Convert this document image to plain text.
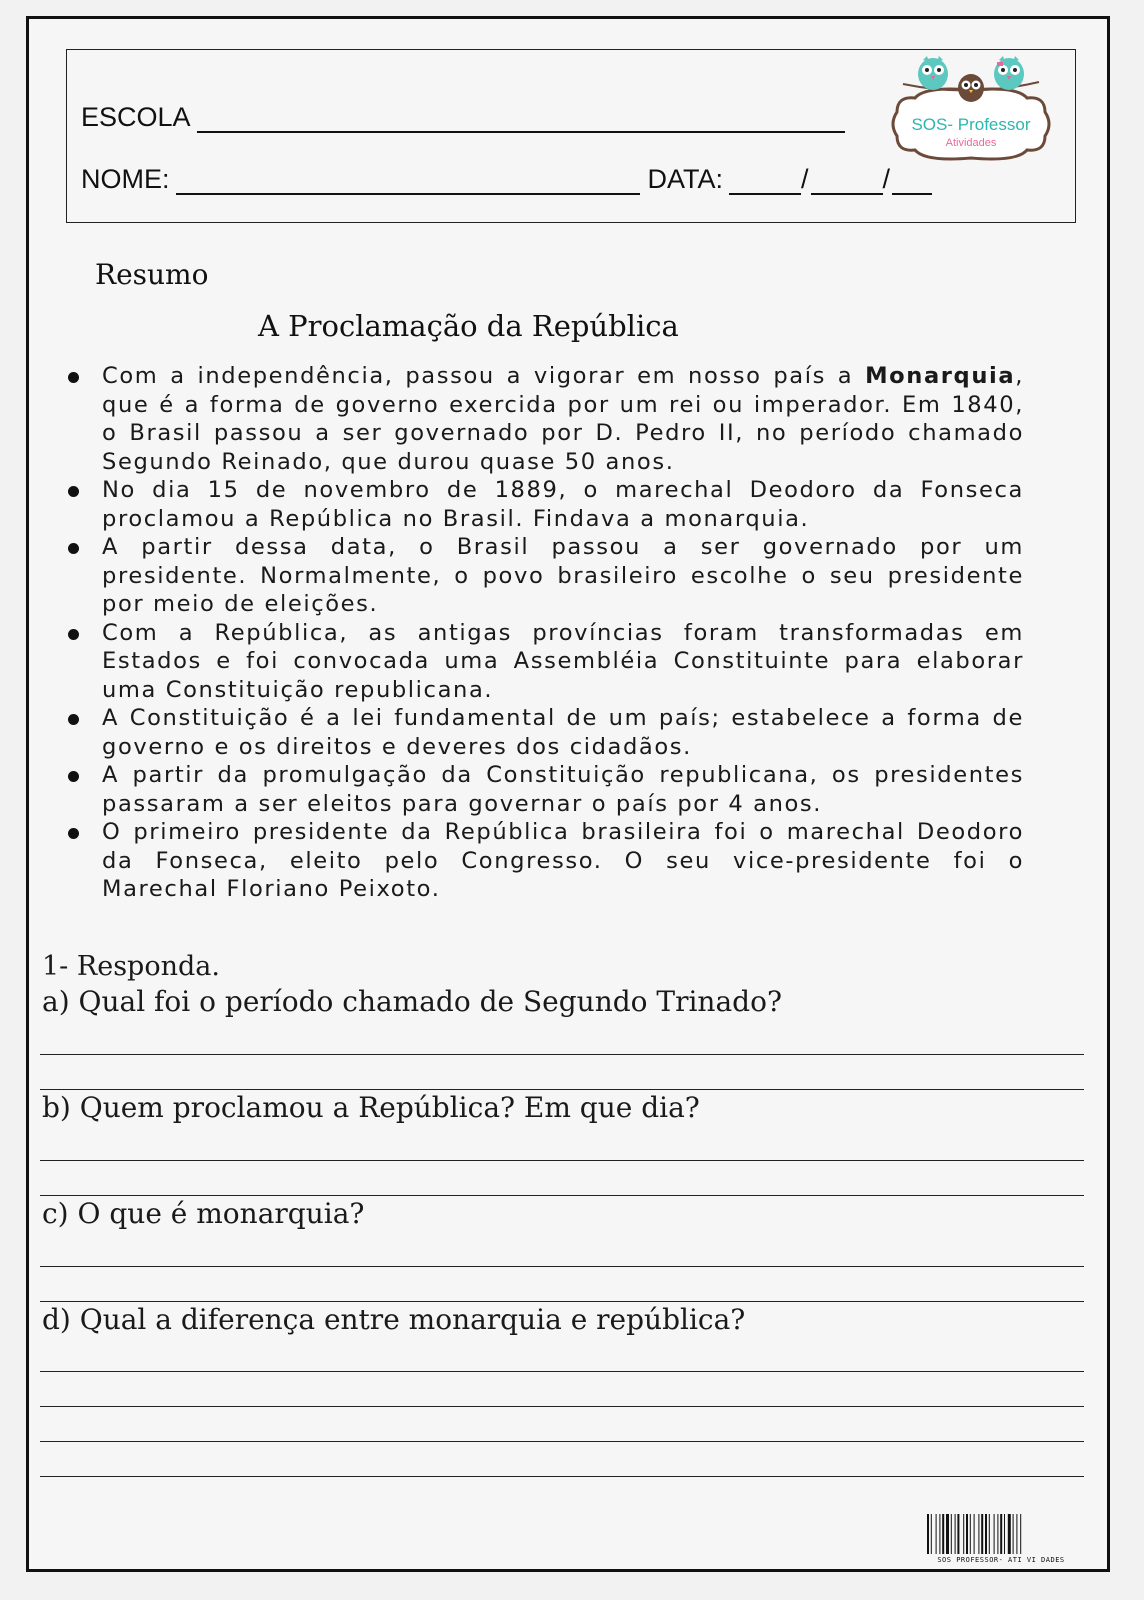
ESCOLA
NOME:	DATA:	/	/
SOS- Professor
Atividades
Resumo
A Proclamação da República
Com a independência, passou a vigorar em nosso país a Monarquia, que é a forma de governo exercida por um rei ou imperador. Em 1840, o Brasil passou a ser governado por D. Pedro II, no período chamado Segundo Reinado, que durou quase 50 anos.
No dia 15 de novembro de 1889, o marechal Deodoro da Fonseca proclamou a República no Brasil. Findava a monarquia.
A partir dessa data, o Brasil passou a ser governado por um presidente. Normalmente, o povo brasileiro escolhe o seu presidente por meio de eleições.
Com a República, as antigas províncias foram transformadas em Estados e foi convocada uma Assembléia Constituinte para elaborar uma Constituição republicana.
A Constituição é a lei fundamental de um país; estabelece a forma de governo e os direitos e deveres dos cidadãos.
A partir da promulgação da Constituição republicana, os presidentes passaram a ser eleitos para governar o país por 4 anos.
O primeiro presidente da República brasileira foi o marechal Deodoro da Fonseca, eleito pelo Congresso. O seu vice-presidente foi o Marechal Floriano Peixoto.
1- Responda.
a) Qual foi o período chamado de Segundo Trinado?
b) Quem proclamou a República? Em que dia?
c) O que é monarquia?
d) Qual a diferença entre monarquia e república?
SOS PROFESSOR- ATI VI DADES
